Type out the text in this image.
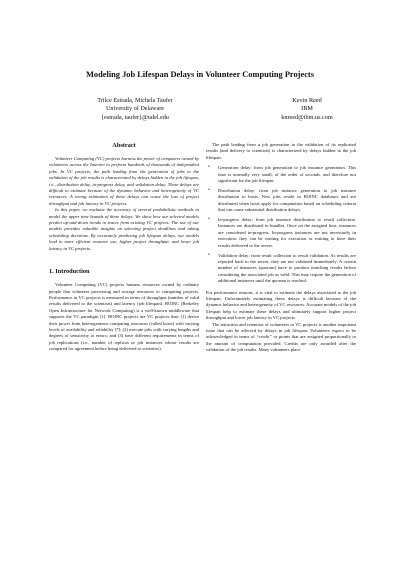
Modeling Job Lifespan Delays in Volunteer Computing Projects
Trilce Estrada, Michela Taufer
University of Delaware
{estrada, taufer}@udel.edu
Kevin Reed
IBM
knreed@ibm.us.com
Abstract

Volunteer Computing (VC) projects harness the power of computers owned by volunteers across the Internet to perform hundreds of thousands of independent jobs. In VC projects, the path leading from the generation of jobs to the validation of the job results is characterized by delays hidden in the job lifespan, i.e., distribution delay, in-progress delay, and validation delay. These delays are difficult to estimate because of the dynamic behavior and heterogeneity of VC resources. A wrong estimation of these delays can cause the loss of project throughput and job latency in VC projects.

In this paper, we evaluate the accuracy of several probabilistic methods to model the upper time bounds of these delays. We show how our selected models predict up-and-down trends in traces from existing VC projects. The use of our models provides valuable insights on selecting project deadlines and taking scheduling decisions. By accurately predicting job lifespan delays, our models lead to more efficient resource use, higher project throughput, and lower job latency in VC projects.

1. Introduction

Volunteer Computing (VC) projects harness resources owned by ordinary people that volunteer processing and storage resources to computing projects. Performance in VC projects is measured in terms of throughput (number of valid results delivered to the scientists) and latency (job lifespan). BOINC (Berkeley Open Infrastructure for Network Computing) is a well-known middleware that supports the VC paradigm [1]. BOINC projects are VC projects that: (1) derive their power from heterogeneous computing resources (called hosts) with varying levels of availability and reliability [7]; (2) execute jobs with varying lengths and degrees of sensitivity to errors; and (3) have different requirements in terms of job replications (i.e., number of replicas or job instances whose results are compared for agreement before being delivered to scientists).

The path leading from a job generation to the validation of its replicated results (and delivery to scientists) is characterized by delays hidden in the job lifespan:

• Generation delay: from job generation to job instance generation. This time is normally very small, of the order of seconds, and therefore not significant for the job lifespan.
• Distribution delay: from job instance generation to job instance distribution to hosts. New jobs reside in BOINC databases and are distributed when hosts apply for computation based on scheduling criteria that can cause substantial distribution delays.
• In-progress delay: from job instance distribution to result collection. Instances are distributed in bundles. Once on the assigned host, instances are considered in-progress. In-progress instances are not necessarily in execution: they can be waiting for execution or waiting to have their results delivered to the server.
• Validation delay: from result collection to result validation. As results are reported back to the server, they are not validated immediately. A certain number of instances (quorum) have to produce matching results before considering the associated job as valid. This may require the generation of additional instances until the quorum is reached.

For performance reasons, it is vital to estimate the delays associated to the job lifespan. Unfortunately estimating these delays is difficult because of the dynamic behavior and heterogeneity of VC resources. Accurate models of the job lifespan help to estimate these delays and ultimately support higher project throughput and lower job latency in VC projects.

The attraction and retention of volunteers in VC projects is another important issue that can be affected by delays in job lifespan. Volunteers expect to be acknowledged in terms of “credit” or points that are assigned proportionally to the amount of computation provided. Credits are only awarded after the validation of the job results. Many volunteers place
